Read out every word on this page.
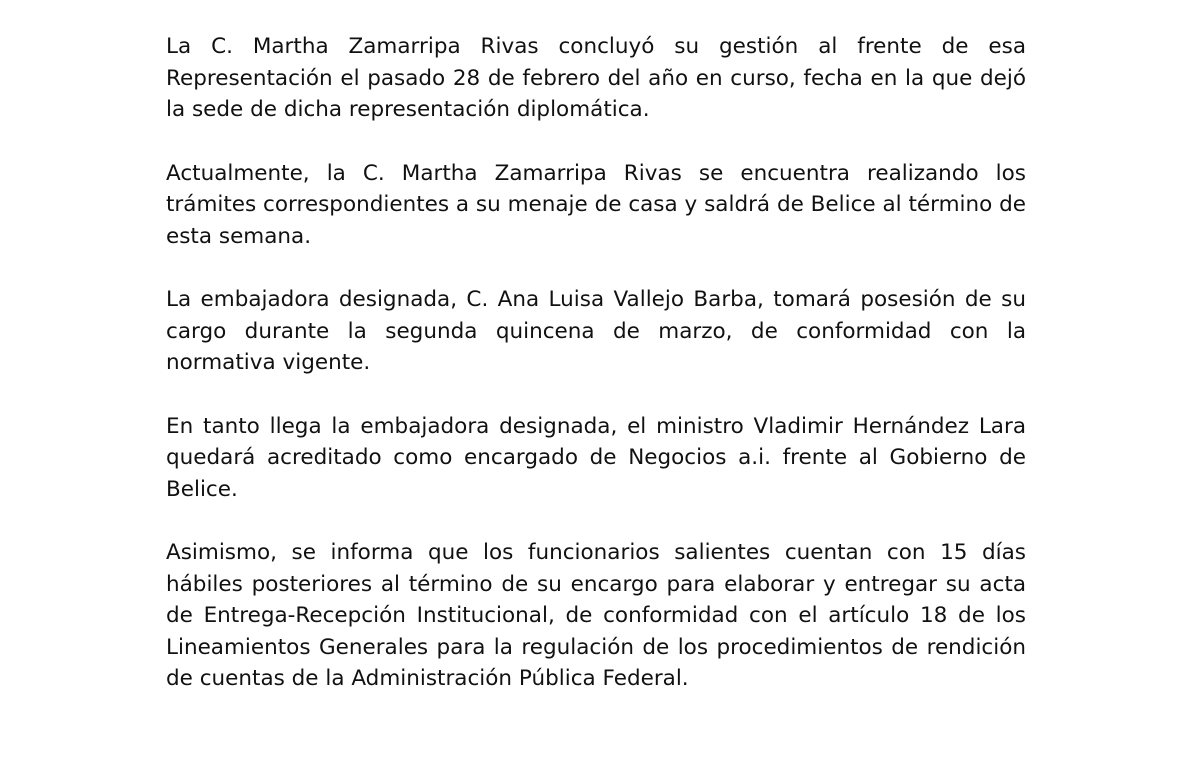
La C. Martha Zamarripa Rivas concluyó su gestión al frente de esa Representación el pasado 28 de febrero del año en curso, fecha en la que dejó la sede de dicha representación diplomática.

Actualmente, la C. Martha Zamarripa Rivas se encuentra realizando los trámites correspondientes a su menaje de casa y saldrá de Belice al término de esta semana.

La embajadora designada, C. Ana Luisa Vallejo Barba, tomará posesión de su cargo durante la segunda quincena de marzo, de conformidad con la normativa vigente.

En tanto llega la embajadora designada, el ministro Vladimir Hernández Lara quedará acreditado como encargado de Negocios a.i. frente al Gobierno de Belice.

Asimismo, se informa que los funcionarios salientes cuentan con 15 días hábiles posteriores al término de su encargo para elaborar y entregar su acta de Entrega-Recepción Institucional, de conformidad con el artículo 18 de los Lineamientos Generales para la regulación de los procedimientos de rendición de cuentas de la Administración Pública Federal.
